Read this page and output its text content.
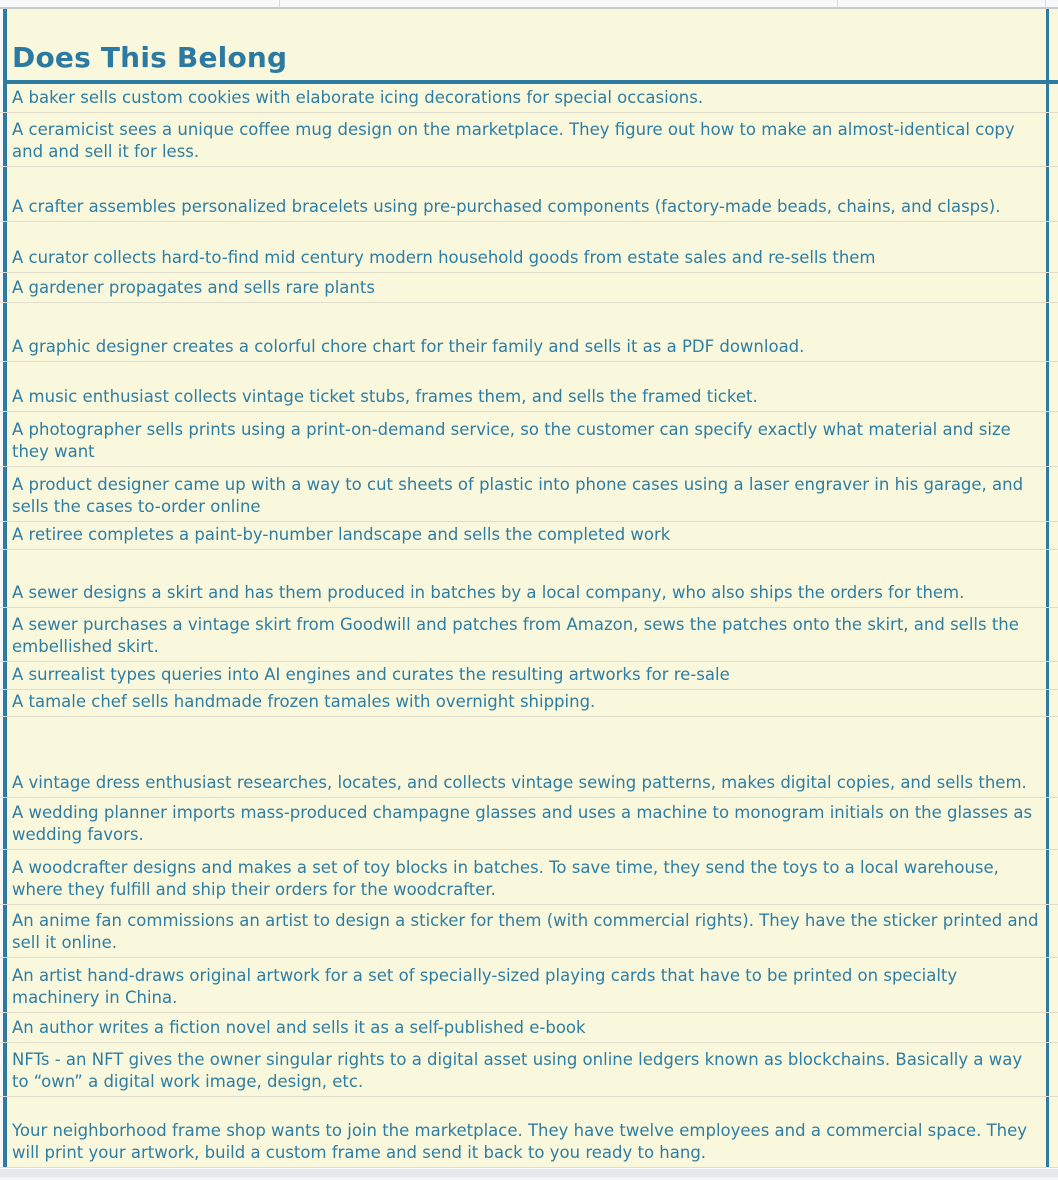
Does This Belong
A baker sells custom cookies with elaborate icing decorations for special occasions.
A ceramicist sees a unique coffee mug design on the marketplace. They figure out how to make an almost-identical copy and and sell it for less.
A crafter assembles personalized bracelets using pre-purchased components (factory-made beads, chains, and clasps).
A curator collects hard-to-find mid century modern household goods from estate sales and re-sells them
A gardener propagates and sells rare plants
A graphic designer creates a colorful chore chart for their family and sells it as a PDF download.
A music enthusiast collects vintage ticket stubs, frames them, and sells the framed ticket.
A photographer sells prints using a print-on-demand service, so the customer can specify exactly what material and size they want
A product designer came up with a way to cut sheets of plastic into phone cases using a laser engraver in his garage, and sells the cases to-order online
A retiree completes a paint-by-number landscape and sells the completed work
A sewer designs a skirt and has them produced in batches by a local company, who also ships the orders for them.
A sewer purchases a vintage skirt from Goodwill and patches from Amazon, sews the patches onto the skirt, and sells the embellished skirt.
A surrealist types queries into AI engines and curates the resulting artworks for re-sale
A tamale chef sells handmade frozen tamales with overnight shipping.
A vintage dress enthusiast researches, locates, and collects vintage sewing patterns, makes digital copies, and sells them.
A wedding planner imports mass-produced champagne glasses and uses a machine to monogram initials on the glasses as wedding favors.
A woodcrafter designs and makes a set of toy blocks in batches. To save time, they send the toys to a local warehouse, where they fulfill and ship their orders for the woodcrafter.
An anime fan commissions an artist to design a sticker for them (with commercial rights). They have the sticker printed and sell it online.
An artist hand-draws original artwork for a set of specially-sized playing cards that have to be printed on specialty machinery in China.
An author writes a fiction novel and sells it as a self-published e-book
NFTs - an NFT gives the owner singular rights to a digital asset using online ledgers known as blockchains. Basically a way to “own” a digital work image, design, etc.
Your neighborhood frame shop wants to join the marketplace. They have twelve employees and a commercial space. They will print your artwork, build a custom frame and send it back to you ready to hang.
